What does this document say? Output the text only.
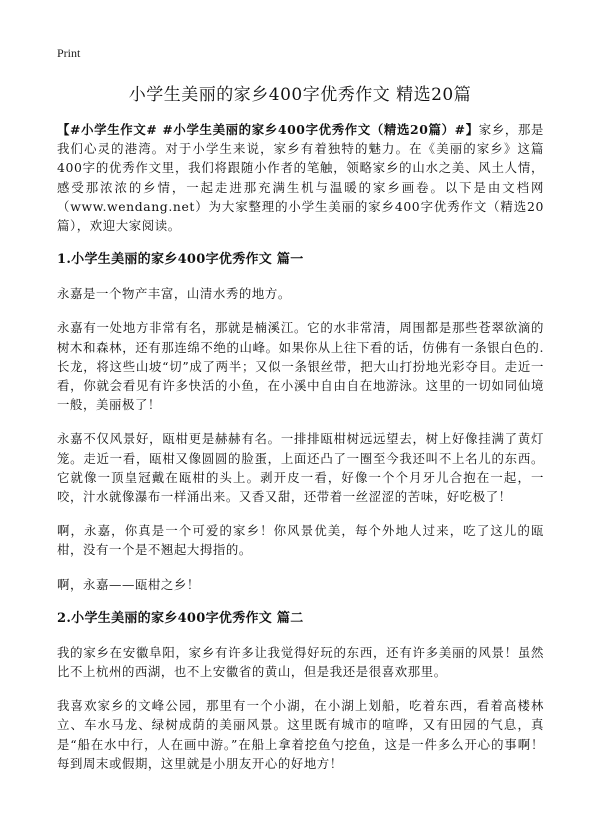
Print
小学生美丽的家乡400字优秀作文 精选20篇

【#小学生作文# #小学生美丽的家乡400字优秀作文（精选20篇）#】家乡，那是我们心灵的港湾。对于小学生来说，家乡有着独特的魅力。在《美丽的家乡》这篇400字的优秀作文里，我们将跟随小作者的笔触，领略家乡的山水之美、风土人情，感受那浓浓的乡情，一起走进那充满生机与温暖的家乡画卷。以下是由文档网（www.wendang.net）为大家整理的小学生美丽的家乡400字优秀作文（精选20篇），欢迎大家阅读。

1.小学生美丽的家乡400字优秀作文 篇一

永嘉是一个物产丰富，山清水秀的地方。

永嘉有一处地方非常有名，那就是楠溪江。它的水非常清，周围都是那些苍翠欲滴的树木和森林，还有那连绵不绝的山峰。如果你从上往下看的话，仿佛有一条银白色的.长龙，将这些山坡“切”成了两半；又似一条银丝带，把大山打扮地光彩夺目。走近一看，你就会看见有许多快活的小鱼，在小溪中自由自在地游泳。这里的一切如同仙境一般，美丽极了！

永嘉不仅风景好，瓯柑更是赫赫有名。一排排瓯柑树远远望去，树上好像挂满了黄灯笼。走近一看，瓯柑又像圆圆的脸蛋，上面还凸了一圈至今我还叫不上名儿的东西。它就像一顶皇冠戴在瓯柑的头上。剥开皮一看，好像一个个月牙儿合抱在一起，一咬，汁水就像瀑布一样涌出来。又香又甜，还带着一丝涩涩的苦味，好吃极了！

啊，永嘉，你真是一个可爱的家乡！你风景优美，每个外地人过来，吃了这儿的瓯柑，没有一个是不翘起大拇指的。

啊，永嘉——瓯柑之乡！

2.小学生美丽的家乡400字优秀作文 篇二

我的家乡在安徽阜阳，家乡有许多让我觉得好玩的东西，还有许多美丽的风景！虽然比不上杭州的西湖，也不上安徽省的黄山，但是我还是很喜欢那里。

我喜欢家乡的文峰公园，那里有一个小湖，在小湖上划船，吃着东西，看着高楼林立、车水马龙、绿树成荫的美丽风景。这里既有城市的喧哗，又有田园的气息，真是“船在水中行，人在画中游。”在船上拿着挖鱼勺挖鱼，这是一件多么开心的事啊！每到周末或假期，这里就是小朋友开心的好地方！
